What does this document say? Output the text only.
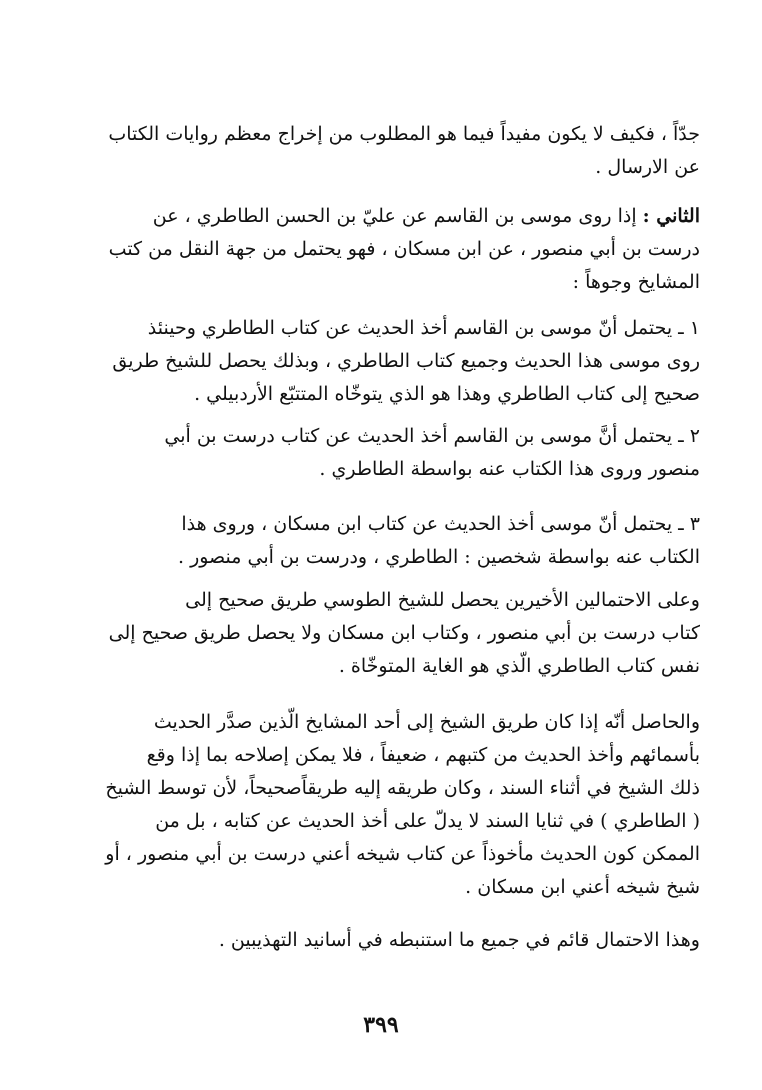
جدّاً ، فكيف لا يكون مفيداً فيما هو المطلوب من إخراج معظم روايات الكتاب
عن الارسال .
الثاني : إذا روى موسى بن القاسم عن عليّ بن الحسن الطاطري ، عن
درست بن أبي منصور ، عن ابن مسكان ، فهو يحتمل من جهة النقل من كتب
المشايخ وجوهاً :
١ ـ يحتمل أنّ موسى بن القاسم أخذ الحديث عن كتاب الطاطري وحينئذ
روى موسى هذا الحديث وجميع كتاب الطاطري ، وبذلك يحصل للشيخ طريق
صحيح إلى كتاب الطاطري وهذا هو الذي يتوخّاه المتتبّع الأردبيلي .
٢ ـ يحتمل أنَّ موسى بن القاسم أخذ الحديث عن كتاب درست بن أبي
منصور وروى هذا الكتاب عنه بواسطة الطاطري .
٣ ـ يحتمل أنّ موسى أخذ الحديث عن كتاب ابن مسكان ، وروى هذا
الكتاب عنه بواسطة شخصين : الطاطري ، ودرست بن أبي منصور .
وعلى الاحتمالين الأخيرين يحصل للشيخ الطوسي طريق صحيح إلى
كتاب درست بن أبي منصور ، وكتاب ابن مسكان ولا يحصل طريق صحيح إلى
نفس كتاب الطاطري الّذي هو الغاية المتوخّاة .
والحاصل أنّه إذا كان طريق الشيخ إلى أحد المشايخ الّذين صدَّر الحديث
بأسمائهم وأخذ الحديث من كتبهم ، ضعيفاً ، فلا يمكن إصلاحه بما إذا وقع
ذلك الشيخ في أثناء السند ، وكان طريقه إليه طريقاًصحيحاً، لأن توسط الشيخ
( الطاطري ) في ثنايا السند لا يدلّ على أخذ الحديث عن كتابه ، بل من
الممكن كون الحديث مأخوذاً عن كتاب شيخه أعني درست بن أبي منصور ، أو
شيخ شيخه أعني ابن مسكان .
وهذا الاحتمال قائم في جميع ما استنبطه في أسانيد التهذيبين .
٣٩٩
